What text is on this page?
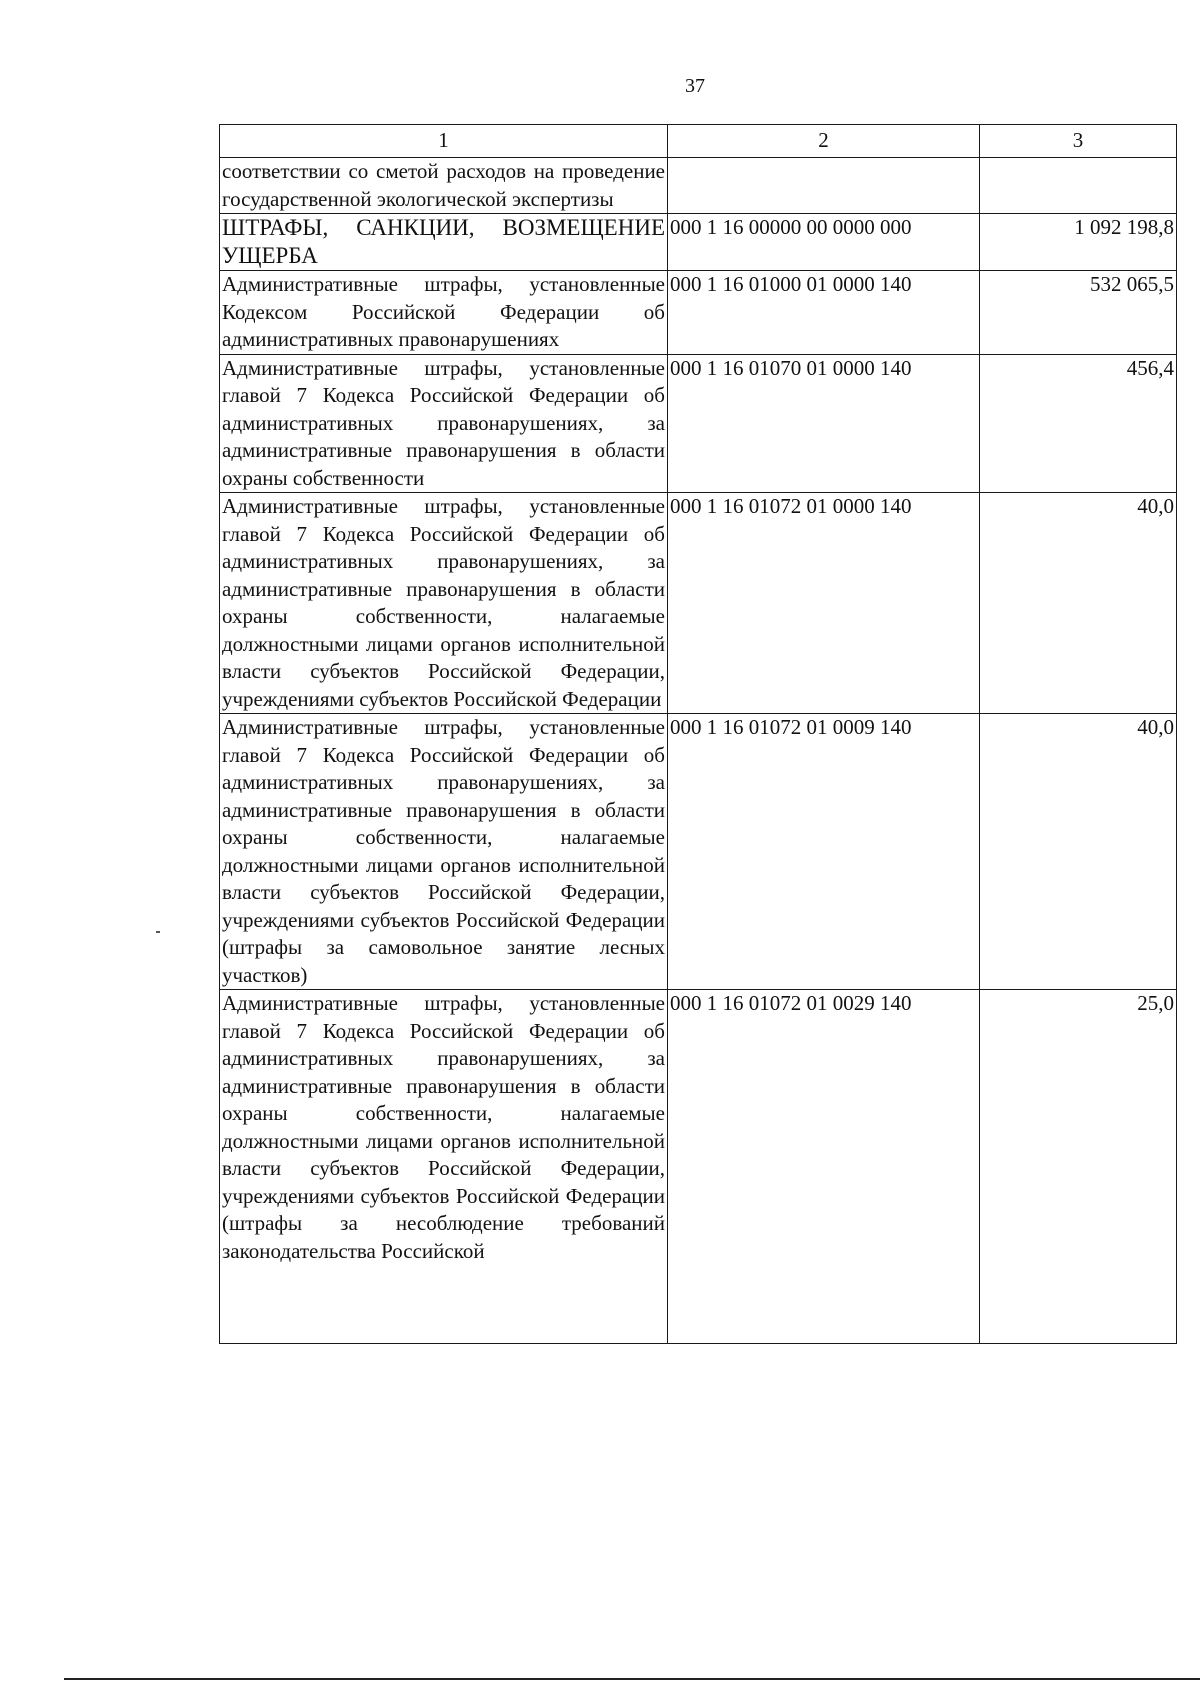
37
1	2	3
соответствии со сметой расходов на проведение государственной экологической экспертизы		
ШТРАФЫ, САНКЦИИ, ВОЗМЕЩЕНИЕ УЩЕРБА	000 1 16 00000 00 0000 000	1 092 198,8
Административные штрафы, установленные Кодексом Российской Федерации об административных правонарушениях	000 1 16 01000 01 0000 140	532 065,5
Административные штрафы, установленные главой 7 Кодекса Российской Федерации об административных правонарушениях, за административные правонарушения в области охраны собственности	000 1 16 01070 01 0000 140	456,4
Административные штрафы, установленные главой 7 Кодекса Российской Федерации об административных правонарушениях, за административные правонарушения в области охраны собственности, налагаемые должностными лицами органов исполнительной власти субъектов Российской Федерации, учреждениями субъектов Российской Федерации	000 1 16 01072 01 0000 140	40,0
Административные штрафы, установленные главой 7 Кодекса Российской Федерации об административных правонарушениях, за административные правонарушения в области охраны собственности, налагаемые должностными лицами органов исполнительной власти субъектов Российской Федерации, учреждениями субъектов Российской Федерации (штрафы за самовольное занятие лесных участков)	000 1 16 01072 01 0009 140	40,0

Административные штрафы, установленные главой 7 Кодекса Российской Федерации об административных правонарушениях, за административные правонарушения в области охраны собственности, налагаемые должностными лицами органов исполнительной власти субъектов Российской Федерации, учреждениями субъектов Российской Федерации (штрафы за несоблюдение требований законодательства Российской	000 1 16 01072 01 0029 140	25,0
